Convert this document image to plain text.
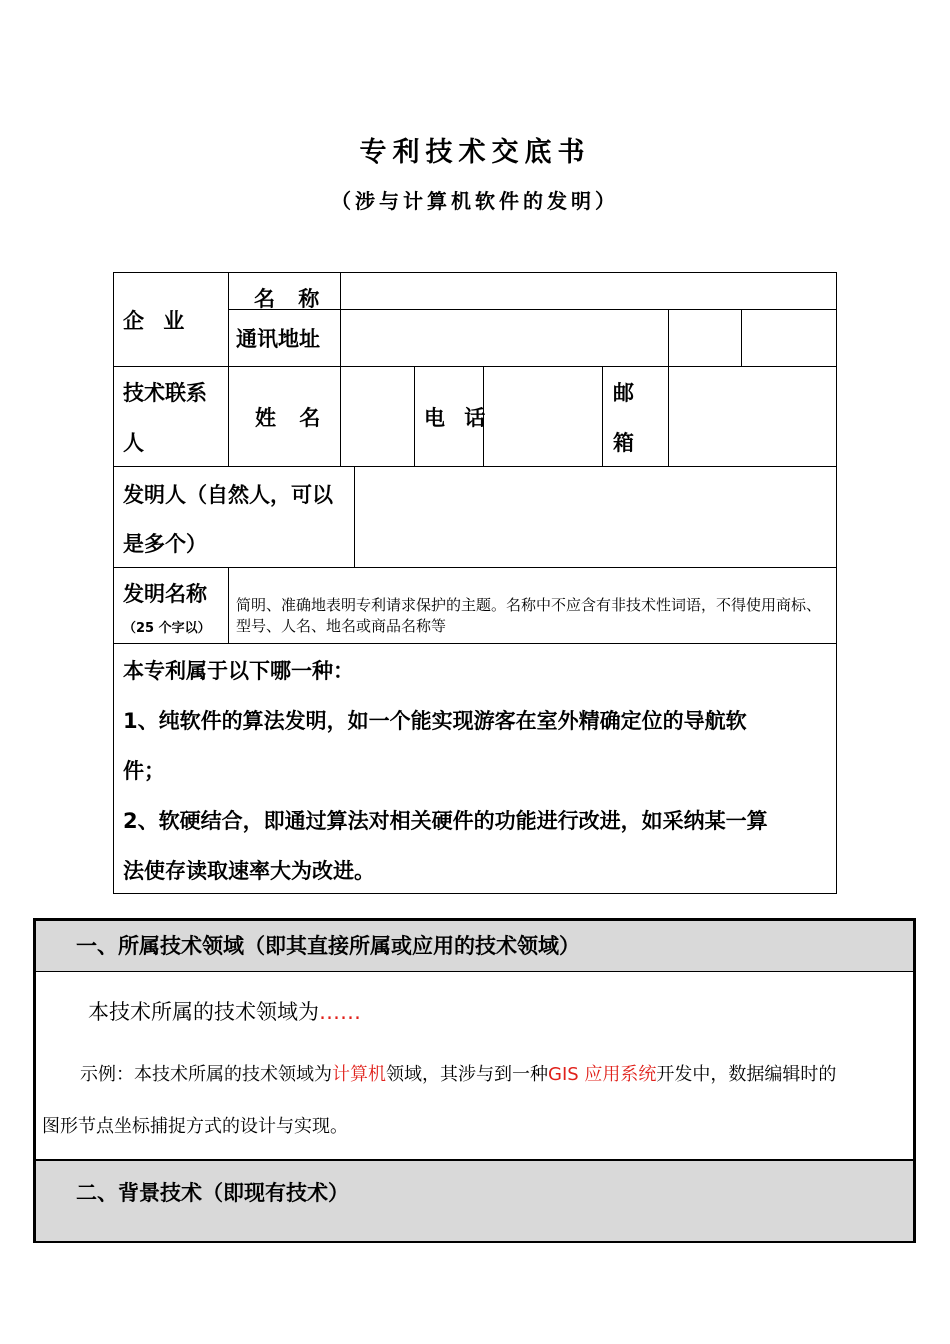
专利技术交底书
（涉与计算机软件的发明）
企 业
名 称
通讯地址
技术联系
人
姓 名	电 话
邮
箱
发明人（自然人，可以
是多个）
发明名称
（25 个字以）
简明、准确地表明专利请求保护的主题。名称中不应含有非技术性词语，不得使用商标、型号、人名、地名或商品名称等
本专利属于以下哪一种：
1、纯软件的算法发明，如一个能实现游客在室外精确定位的导航软
件；
2、软硬结合，即通过算法对相关硬件的功能进行改进，如采纳某一算
法使存读取速率大为改进。
一、所属技术领域（即其直接所属或应用的技术领域）
本技术所属的技术领域为……
示例：本技术所属的技术领域为计算机领域，其涉与到一种GIS 应用系统开发中，数据编辑时的
图形节点坐标捕捉方式的设计与实现。
二、背景技术（即现有技术）
